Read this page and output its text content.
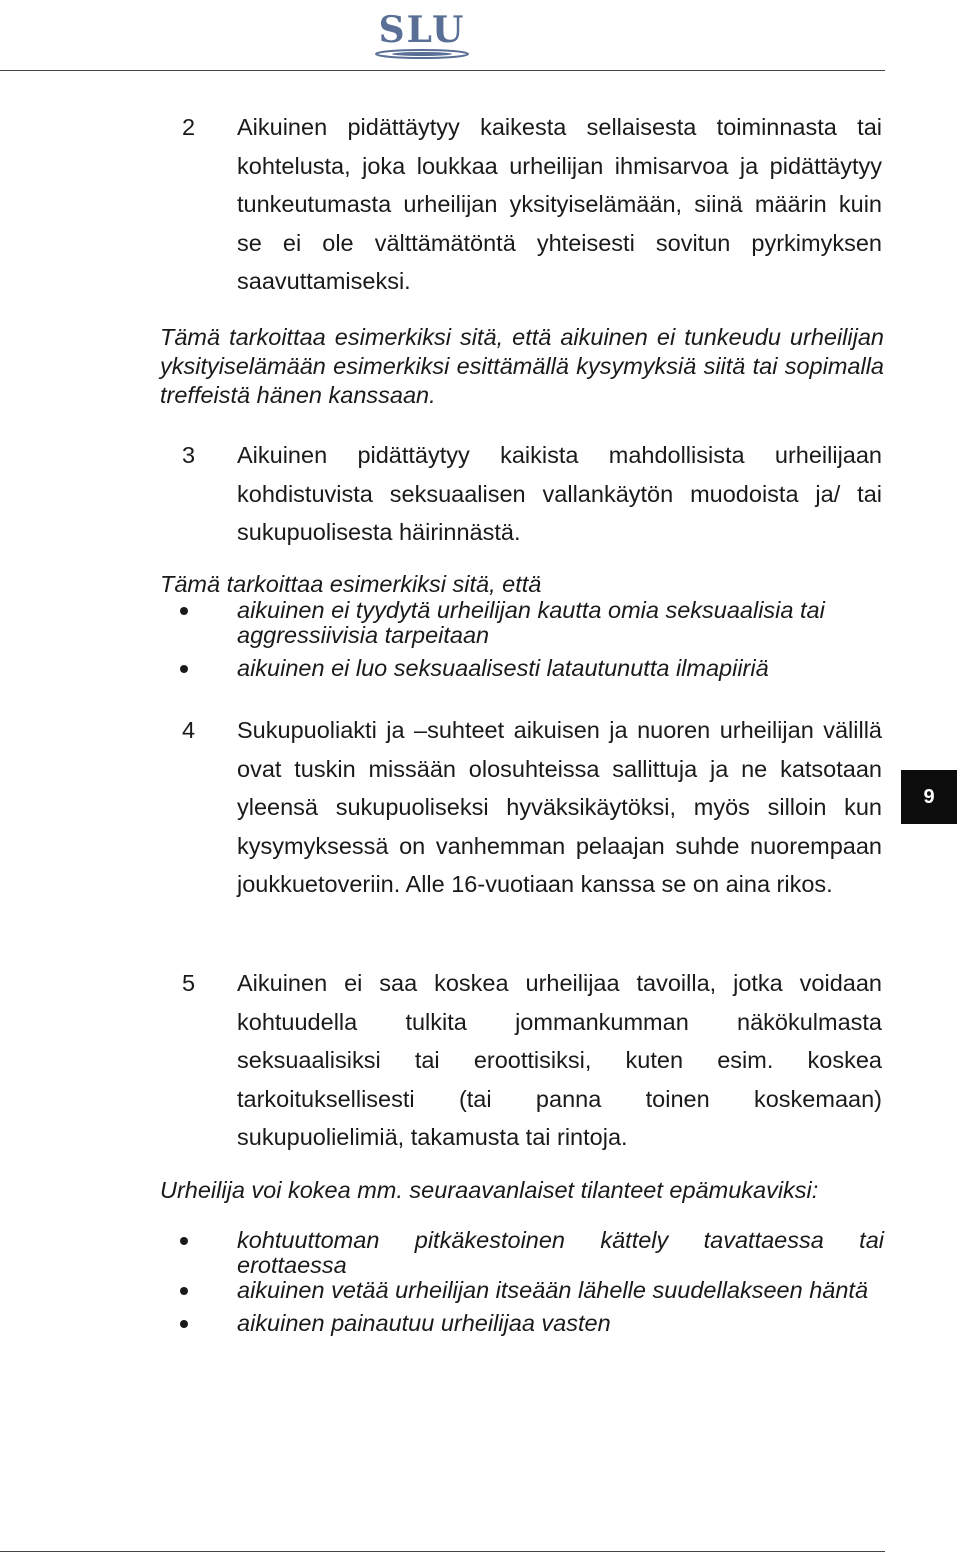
SLU
2 Aikuinen pidättäytyy kaikesta sellaisesta toiminnasta tai kohtelusta, joka loukkaa urheilijan ihmisarvoa ja pidättäytyy tunkeutumasta urheilijan yksityiselämään, siinä määrin kuin se ei ole välttämätöntä yhteisesti sovitun pyrkimyksen saavuttamiseksi.
Tämä tarkoittaa esimerkiksi sitä, että aikuinen ei tunkeudu urheilijan yksityiselämään esimerkiksi esittämällä kysymyksiä siitä tai sopimalla treffeistä hänen kanssaan.
3 Aikuinen pidättäytyy kaikista mahdollisista urheilijaan kohdistuvista seksuaalisen vallankäytön muodoista ja/ tai sukupuolisesta häirinnästä.
Tämä tarkoittaa esimerkiksi sitä, että
aikuinen ei tyydytä urheilijan kautta omia seksuaalisia tai aggressiivisia tarpeitaan
aikuinen ei luo seksuaalisesti latautunutta ilmapiiriä
4 Sukupuoliakti ja –suhteet aikuisen ja nuoren urheilijan välillä ovat tuskin missään olosuhteissa sallittuja ja ne katsotaan yleensä sukupuoliseksi hyväksikäytöksi, myös silloin kun kysymyksessä on vanhemman pelaajan suhde nuorempaan joukkuetoveriin. Alle 16-vuotiaan kanssa se on aina rikos.
5 Aikuinen ei saa koskea urheilijaa tavoilla, jotka voidaan kohtuudella tulkita jommankumman näkökulmasta seksuaalisiksi tai eroottisiksi, kuten esim. koskea tarkoituksellisesti (tai panna toinen koskemaan) sukupuolielimiä, takamusta tai rintoja.
Urheilija voi kokea mm. seuraavanlaiset tilanteet epämukaviksi:
kohtuuttoman pitkäkestoinen kättely tavattaessa tai erottaessa
aikuinen vetää urheilijan itseään lähelle suudellakseen häntä
aikuinen painautuu urheilijaa vasten
9
